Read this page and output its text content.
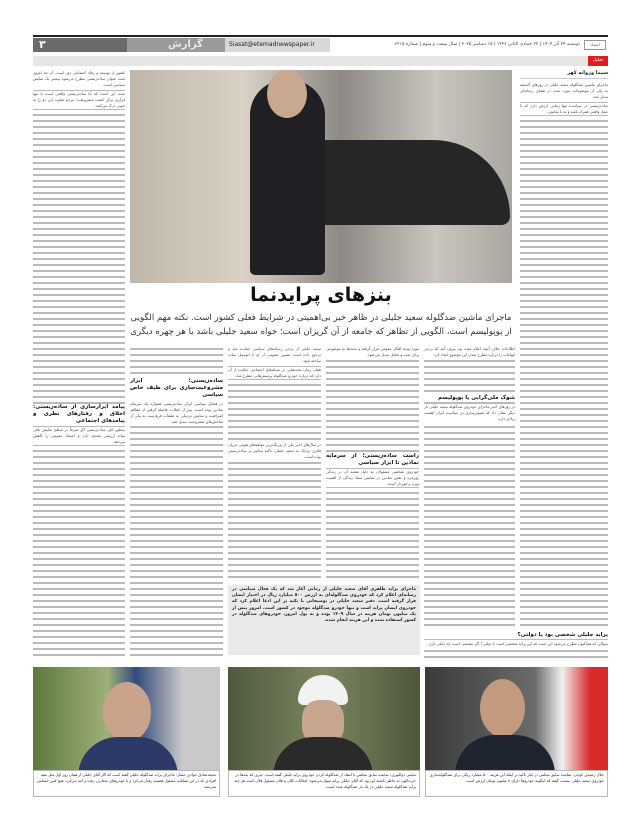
۳	گزارش	Siasat@etemadnewspaper.ir	دوشنبه ۲۴ آذر ۱۴۰۴ | ۲۴ جمادی الثانی ۱۴۴۷ | ۱۵ دسامبر ۲۰۲۵ | سال بیست و سوم | شماره ۶۲۱۵	اعتماد
تحلیل
سیما وزوانه کهر
بنزهای پرایدنما
ماجرای ماشین ضدگلوله سعید جلیلی در ظاهر خبر بی‌اهمیتی در شرایط فعلی کشور است. نکته مهم الگویی از پوپولیسم است، الگویی از تظاهر که جامعه از آن گریزان است؛ خواه سعید جلیلی باشد یا هر چهره دیگری

کشور از توسعه و رفاه اجتماعی دور است. آن چه امروز تحت عنوان ساده‌زیستی مطرح می‌شود بیشتر یک نمایش سیاسی است.

بحث این است که آیا ساده‌زیستی واقعی است یا تنها ابزاری برای کسب مشروعیت؛ مردم تفاوت این دو را به خوبی درک می‌کنند.

پیامد ابزارسازی از ساده‌زیستی: اخلاق و رفتارهای نظری و پیامدهای اجتماعی

به‌طور کلی ساده‌زیستی اگر صرفاً در سطح نمایش باقی بماند ارزشی محدود دارد و اعتماد عمومی را کاهش می‌دهد.

ساده‌زیستی؛ ابزار مشروعیت‌سازی برای طیف خاص سیاسی

در فضای سیاسی ایران ساده‌زیستی همواره یک سرمایه نمادین بوده است. پس از انقلاب، فاصله گرفتن از مظاهر اشرافیت و نمایش نزدیکی به طبقات فرودست به یکی از شاخص‌های مشروعیت تبدیل شد.

سعید جلیلی از برخی رسانه‌های سیاسی حمایت شد و ترجیح داده است تصویر عمومی از او با اتومبیل ساده ساخته شود.

همان زمان بحث‌هایی در شبکه‌های اجتماعی حکایت از آن دارد که درباره خودرو ضدگلوله پرسش‌هایی مطرح شد.

در سال‌های اخیر یکی از پررنگ‌ترین مولفه‌های هویتی جریان فکری نزدیک به سعید جلیلی، تأکید مداوم بر ساده‌زیستی بوده است.

مورد توجه افکار عمومی قرار گرفته و بحث‌ها به موضوعی برای بحث و تحلیل تبدیل می‌شود.

راست ساده‌زیستی؛ از سرمایه نمادین تا ابزار سیاسی

خودروی شخصی مسئولان به دلیل نقشه آن در زندگی روزمره و نقش نمادین در نمایش سبک زندگی از اهمیت ویژه برخوردار است.

اطلاعات خلاف آنچه اعلام شده بود بیرون آمد که برخی ابهامات را درباره مطرح شدن این موضوع ایجاد کرد.

شوک ملی‌گرایی یا پوپولیسم

در روزهای اخیر ماجرای خودروی ضدگلوله سعید جلیلی بار دیگر نشان داد که تصویرسازی در سیاست ایران اهمیت زیادی دارد.

ماجرای ماشین ضدگلوله سعید جلیلی در روزهای گذشته به یکی از موضوعات مورد بحث در فضای رسانه‌ای تبدیل شد.

ساده‌زیستی در سیاست تنها زمانی ارزش دارد که با عمل واقعی همراه باشد و نه با نمایش.

پراید جلیلی شخصی بود یا دولتی؟

سوالی که هم‌اکنون مطرح می‌شود این است که این پراید شخصی است یا دولتی؟ اگر شخصی است چه دلیلی دارد.

ماجرای پراید ظاهری آقای سعید جلیلی از زمانی آغاز شد که یک فعال سیاسی در رسانه‌ای اعلام کرد که خودروی ضدگلوله‌ای به ارزش ۵۰۰ میلیارد ریال در اختیار ایشان قرار گرفته است. دفتر سعید جلیلی در توضیحاتی با تکیه بر این ادعا اعلام کرد که خودروی ایشان پراید است و تنها خودرو ضدگلوله موجود در کشور است. امروز بیش از یک میلیون تومان هزینه در سال ۱۴۰۹ بوده و به پول امروز، خودروهای ضدگلوله در کشور استفاده شده و این هزینه انجام شده.
محمدصادق جوادی حصار: ماجرای پراید ضدگلوله جلیلی گفته است که اگر آقای جلیلی از همان روز اول مثل بقیه افرادی که در این مملکت مسئول هستند رفتار می‌کرد و با خودروهای متعارف رفت و آمد می‌کرد، هیچ کس حساس نمی‌شد.
مجتبی ذوالنوری: نماینده سابق مجلس با انتقاد از ضدگلوله کردن خودروی پراید جلیلی گفته است: چیزی که بعدها در حزب‌الهی نه خاطر داشته این بود که آقای جلیلی پراید سوار می‌شود؛ امکانات کلان و فلان مسئول فلان است هر چند پراید ضدگلوله سعید جلیلی در یک بار ضدگلوله شده است.
جلال رشیدی کوچی: نماینده سابق مجلس در کنار تأکید بر اینکه این هزینه ۵۰۰ میلیارد ریالی برای ضدگلوله‌سازی خودروی سعید جلیلی نیست، گفته که اینگونه خودروها دارای ۸ میلیون تومان ارزش است.
